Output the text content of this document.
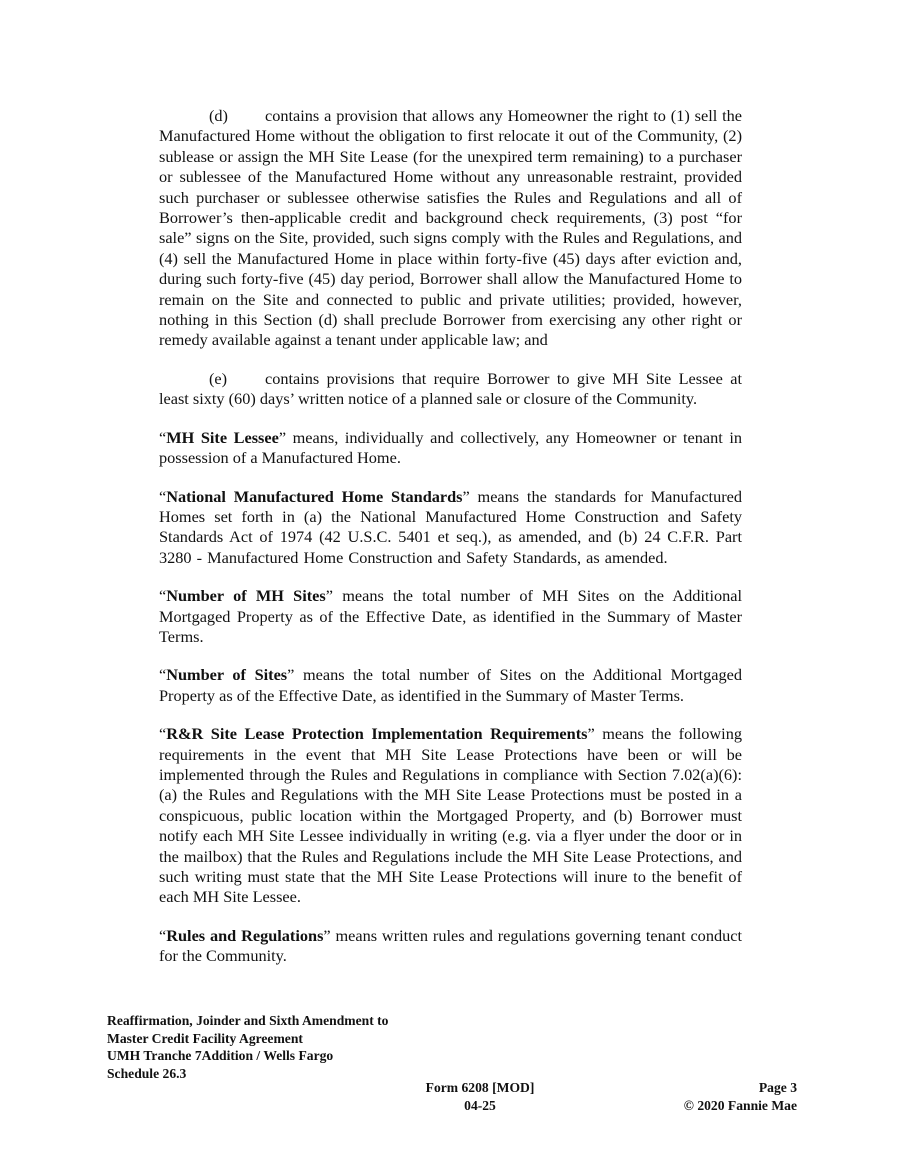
(d) contains a provision that allows any Homeowner the right to (1) sell the Manufactured Home without the obligation to first relocate it out of the Community, (2) sublease or assign the MH Site Lease (for the unexpired term remaining) to a purchaser or sublessee of the Manufactured Home without any unreasonable restraint, provided such purchaser or sublessee otherwise satisfies the Rules and Regulations and all of Borrower’s then-applicable credit and background check requirements, (3) post “for sale” signs on the Site, provided, such signs comply with the Rules and Regulations, and (4) sell the Manufactured Home in place within forty-five (45) days after eviction and, during such forty-five (45) day period, Borrower shall allow the Manufactured Home to remain on the Site and connected to public and private utilities; provided, however, nothing in this Section (d) shall preclude Borrower from exercising any other right or remedy available against a tenant under applicable law; and

(e) contains provisions that require Borrower to give MH Site Lessee at least sixty (60) days’ written notice of a planned sale or closure of the Community.

“MH Site Lessee” means, individually and collectively, any Homeowner or tenant in possession of a Manufactured Home.

“National Manufactured Home Standards” means the standards for Manufactured Homes set forth in (a) the National Manufactured Home Construction and Safety Standards Act of 1974 (42 U.S.C. 5401 et seq.), as amended, and (b) 24 C.F.R. Part 3280 - Manufactured Home Construction and Safety Standards, as amended.

“Number of MH Sites” means the total number of MH Sites on the Additional Mortgaged Property as of the Effective Date, as identified in the Summary of Master Terms.

“Number of Sites” means the total number of Sites on the Additional Mortgaged Property as of the Effective Date, as identified in the Summary of Master Terms.

“R&R Site Lease Protection Implementation Requirements” means the following requirements in the event that MH Site Lease Protections have been or will be implemented through the Rules and Regulations in compliance with Section 7.02(a)(6): (a) the Rules and Regulations with the MH Site Lease Protections must be posted in a conspicuous, public location within the Mortgaged Property, and (b) Borrower must notify each MH Site Lessee individually in writing (e.g. via a flyer under the door or in the mailbox) that the Rules and Regulations include the MH Site Lease Protections, and such writing must state that the MH Site Lease Protections will inure to the benefit of each MH Site Lessee.

“Rules and Regulations” means written rules and regulations governing tenant conduct for the Community.

Reaffirmation, Joinder and Sixth Amendment to
Master Credit Facility Agreement
UMH Tranche 7Addition / Wells Fargo
Schedule 26.3
Form 6208 [MOD]
04-25
Page 3
© 2020 Fannie Mae
